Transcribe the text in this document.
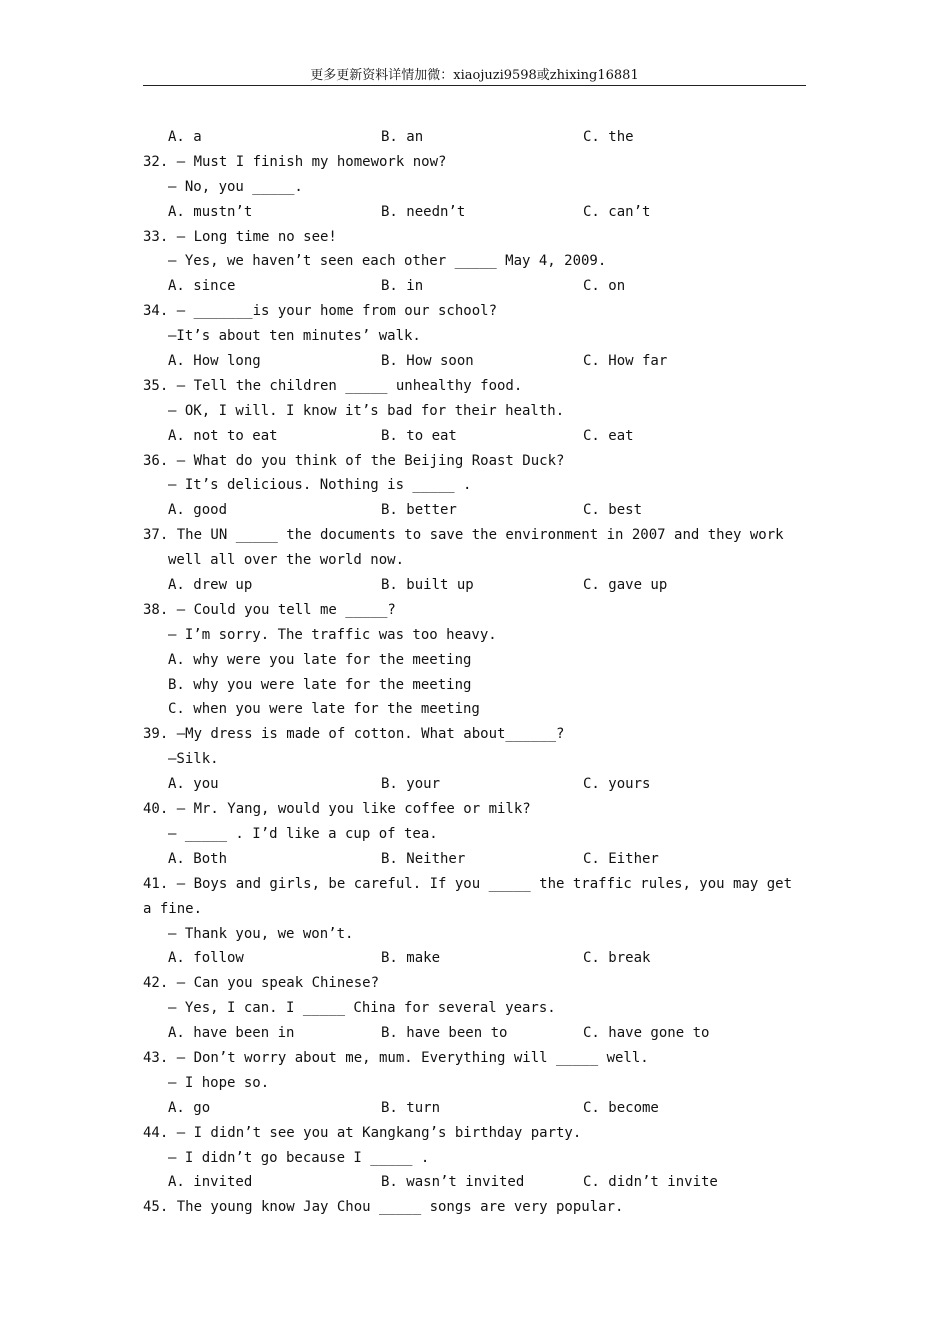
更多更新资料详情加微：xiaojuzi9598或zhixing16881

A. a

	B. an

	C. the

32. — Must I finish my homework now?
— No, you _____.

A. mustn’t

	B. needn’t

	C. can’t

33. — Long time no see!
— Yes, we haven’t seen each other _____ May 4, 2009.

A. since

	B. in

	C. on

34. — _______is your home from our school?
—It’s about ten minutes’ walk.

A. How long

	B. How soon

	C. How far

35. — Tell the children _____ unhealthy food.
— OK, I will. I know it’s bad for their health.

A. not to eat

	B. to eat

	C. eat

36. — What do you think of the Beijing Roast Duck?
— It’s delicious. Nothing is _____ .

A. good

	B. better

	C. best

37. The UN _____ the documents to save the environment in 2007 and they work
well all over the world now.

A. drew up

	B. built up

	C. gave up

38. — Could you tell me _____?
— I’m sorry. The traffic was too heavy.
A. why were you late for the meeting
B. why you were late for the meeting
C. when you were late for the meeting
39. —My dress is made of cotton. What about______?
—Silk.

A. you

	B. your

	C. yours

40. — Mr. Yang, would you like coffee or milk?
— _____ . I’d like a cup of tea.

A. Both

	B. Neither

	C. Either

41. — Boys and girls, be careful. If you _____ the traffic rules, you may get
a fine.
— Thank you, we won’t.

A. follow

	B. make

	C. break

42. — Can you speak Chinese?
— Yes, I can. I _____ China for several years.

A. have been in

	B. have been to

	C. have gone to

43. — Don’t worry about me, mum. Everything will _____ well.
— I hope so.

A. go

	B. turn

	C. become

44. — I didn’t see you at Kangkang’s birthday party.
— I didn’t go because I _____ .

A. invited

	B. wasn’t invited

	C. didn’t invite

45. The young know Jay Chou _____ songs are very popular.
